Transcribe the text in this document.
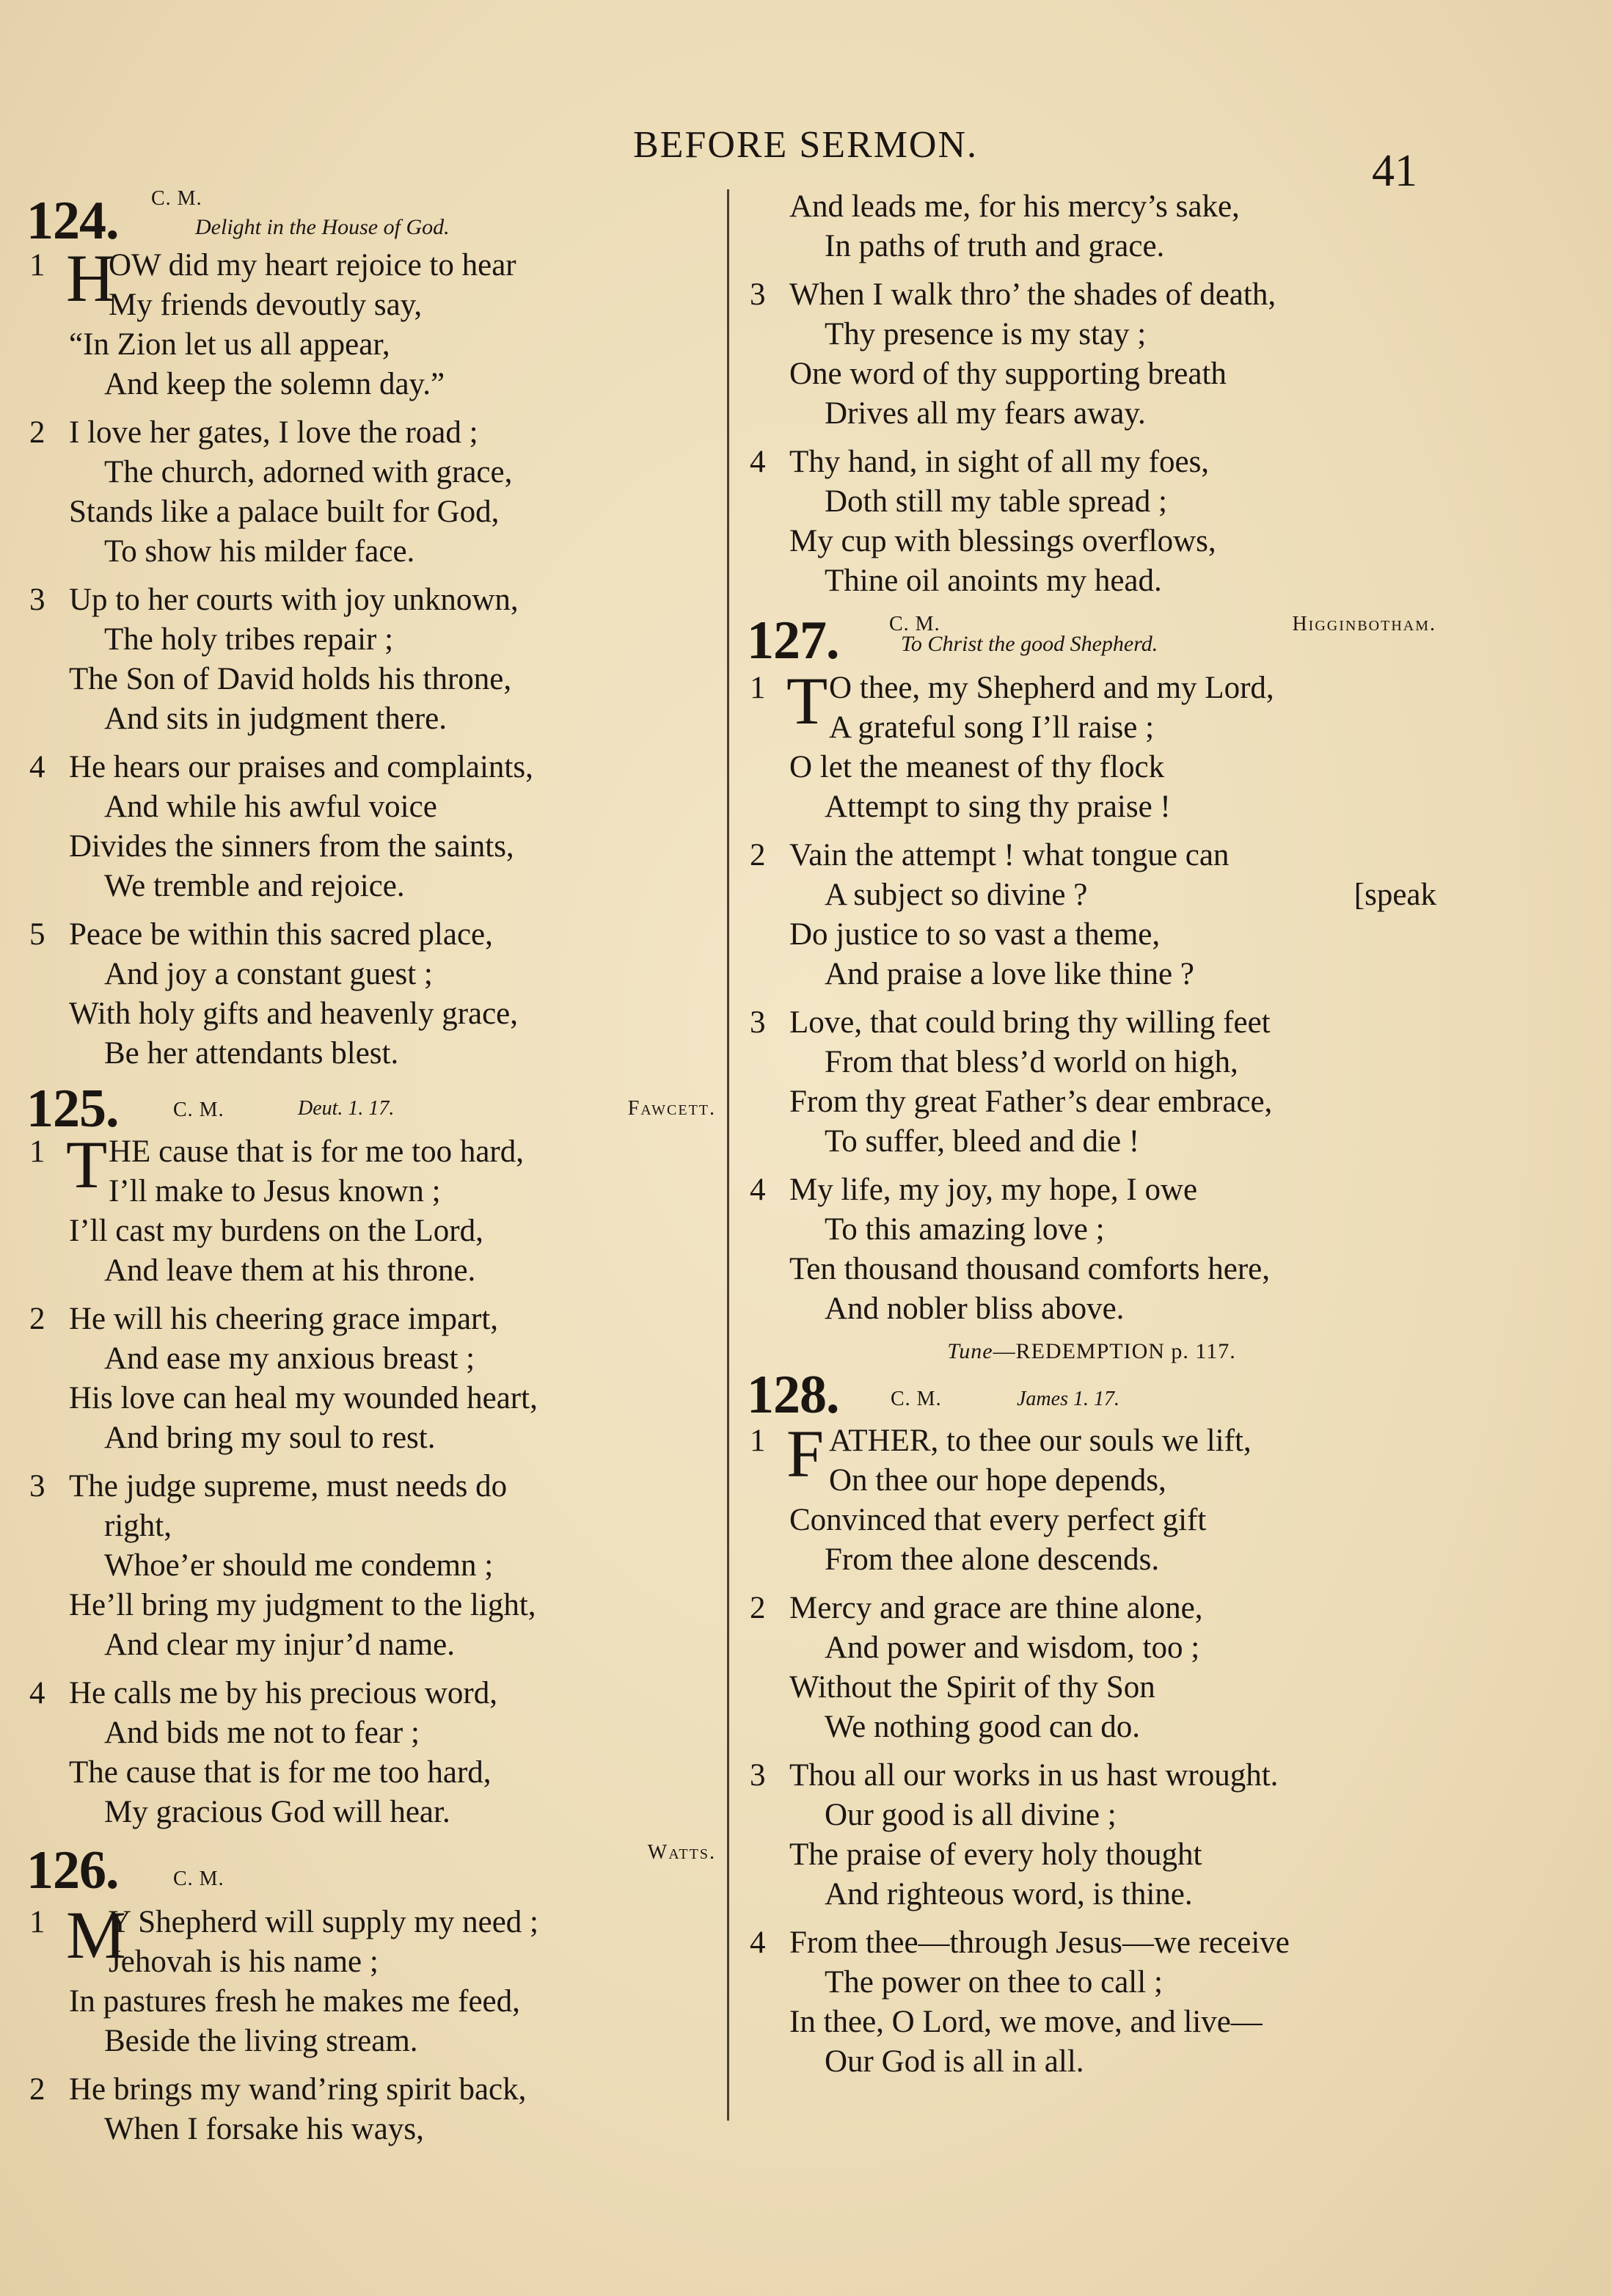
BEFORE SERMON.
41
124. C. M.
Delight in the House of God.
1 H
OW did my heart rejoice to hear
My friends devoutly say,
“In Zion let us all appear,
And keep the solemn day.”
2 I love her gates, I love the road ;
The church, adorned with grace,
Stands like a palace built for God,
To show his milder face.
3 Up to her courts with joy unknown,
The holy tribes repair ;
The Son of David holds his throne,
And sits in judgment there.
4 He hears our praises and complaints,
And while his awful voice
Divides the sinners from the saints,
We tremble and rejoice.
5 Peace be within this sacred place,
And joy a constant guest ;
With holy gifts and heavenly grace,
Be her attendants blest.
125.	C. M.	Deut. 1. 17.	Fawcett.
1 T HE cause that is for me too hard,
I’ll make to Jesus known ;
I’ll cast my burdens on the Lord,
And leave them at his throne.
2 He will his cheering grace impart,
And ease my anxious breast ;
His love can heal my wounded heart,
And bring my soul to rest.
3 The judge supreme, must needs do
right,
Whoe’er should me condemn ;
He’ll bring my judgment to the light,
And clear my injur’d name.
4 He calls me by his precious word,
And bids me not to fear ;
The cause that is for me too hard,
My gracious God will hear.
126.	C. M.
Watts.
1 M
Y Shepherd will supply my need ;
Jehovah is his name ;
In pastures fresh he makes me feed,
Beside the living stream.
2 He brings my wand’ring spirit back,
When I forsake his ways,
And leads me, for his mercy’s sake,
In paths of truth and grace.
3 When I walk thro’ the shades of death,
Thy presence is my stay ;
One word of thy supporting breath
Drives all my fears away.
4 Thy hand, in sight of all my foes,
Doth still my table spread ;
My cup with blessings overflows,
Thine oil anoints my head.
127. C. M.
To Christ the good Shepherd.
Higginbotham.
1 T O thee, my Shepherd and my Lord,
A grateful song I’ll raise ;
O let the meanest of thy flock
Attempt to sing thy praise !
2 Vain the attempt ! what tongue can
A subject so divine ?	[speak
Do justice to so vast a theme,
And praise a love like thine ?
3 Love, that could bring thy willing feet
From that bless’d world on high,
From thy great Father’s dear embrace,
To suffer, bleed and die !
4 My life, my joy, my hope, I owe
To this amazing love ;
Ten thousand thousand comforts here,
And nobler bliss above.
Tune—REDEMPTION p. 117.
128.	C. M.	James 1. 17.
1 F ATHER, to thee our souls we lift,
On thee our hope depends,
Convinced that every perfect gift
From thee alone descends.
2 Mercy and grace are thine alone,
And power and wisdom, too ;
Without the Spirit of thy Son
We nothing good can do.
3 Thou all our works in us hast wrought.
Our good is all divine ;
The praise of every holy thought
And righteous word, is thine.
4 From thee—through Jesus—we receive
The power on thee to call ;
In thee, O Lord, we move, and live—
Our God is all in all.
